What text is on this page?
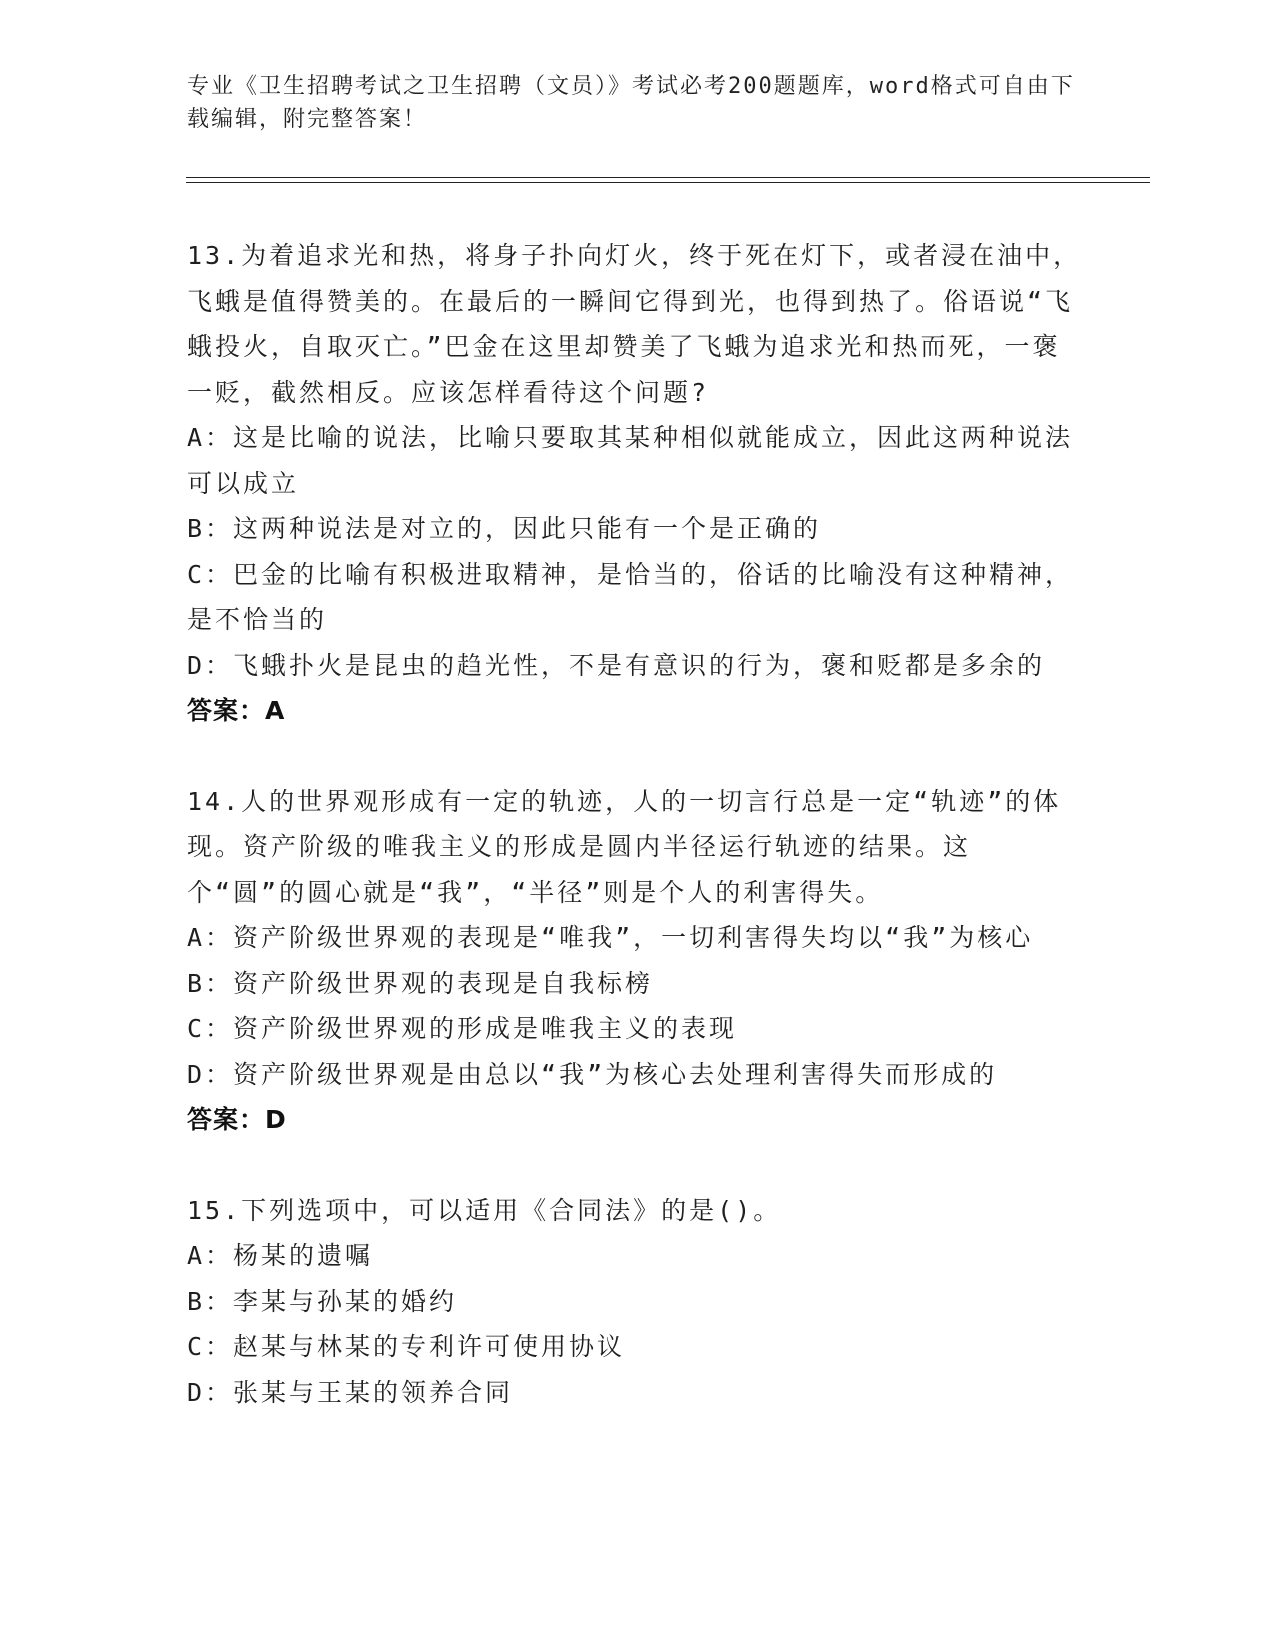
专业《卫生招聘考试之卫生招聘（文员）》考试必考200题题库，word格式可自由下载编辑，附完整答案！
13.为着追求光和热，将身子扑向灯火，终于死在灯下，或者浸在油中，飞蛾是值得赞美的。在最后的一瞬间它得到光，也得到热了。俗语说“飞蛾投火，自取灭亡。”巴金在这里却赞美了飞蛾为追求光和热而死，一褒一贬，截然相反。应该怎样看待这个问题?
A：这是比喻的说法，比喻只要取其某种相似就能成立，因此这两种说法可以成立
B：这两种说法是对立的，因此只能有一个是正确的
C：巴金的比喻有积极进取精神，是恰当的，俗话的比喻没有这种精神，是不恰当的
D：飞蛾扑火是昆虫的趋光性，不是有意识的行为，褒和贬都是多余的
答案：A
14.人的世界观形成有一定的轨迹，人的一切言行总是一定“轨迹”的体现。资产阶级的唯我主义的形成是圆内半径运行轨迹的结果。这个“圆”的圆心就是“我”，“半径”则是个人的利害得失。
A：资产阶级世界观的表现是“唯我”，一切利害得失均以“我”为核心
B：资产阶级世界观的表现是自我标榜
C：资产阶级世界观的形成是唯我主义的表现
D：资产阶级世界观是由总以“我”为核心去处理利害得失而形成的
答案：D
15.下列选项中，可以适用《合同法》的是()。
A：杨某的遗嘱
B：李某与孙某的婚约
C：赵某与林某的专利许可使用协议
D：张某与王某的领养合同
